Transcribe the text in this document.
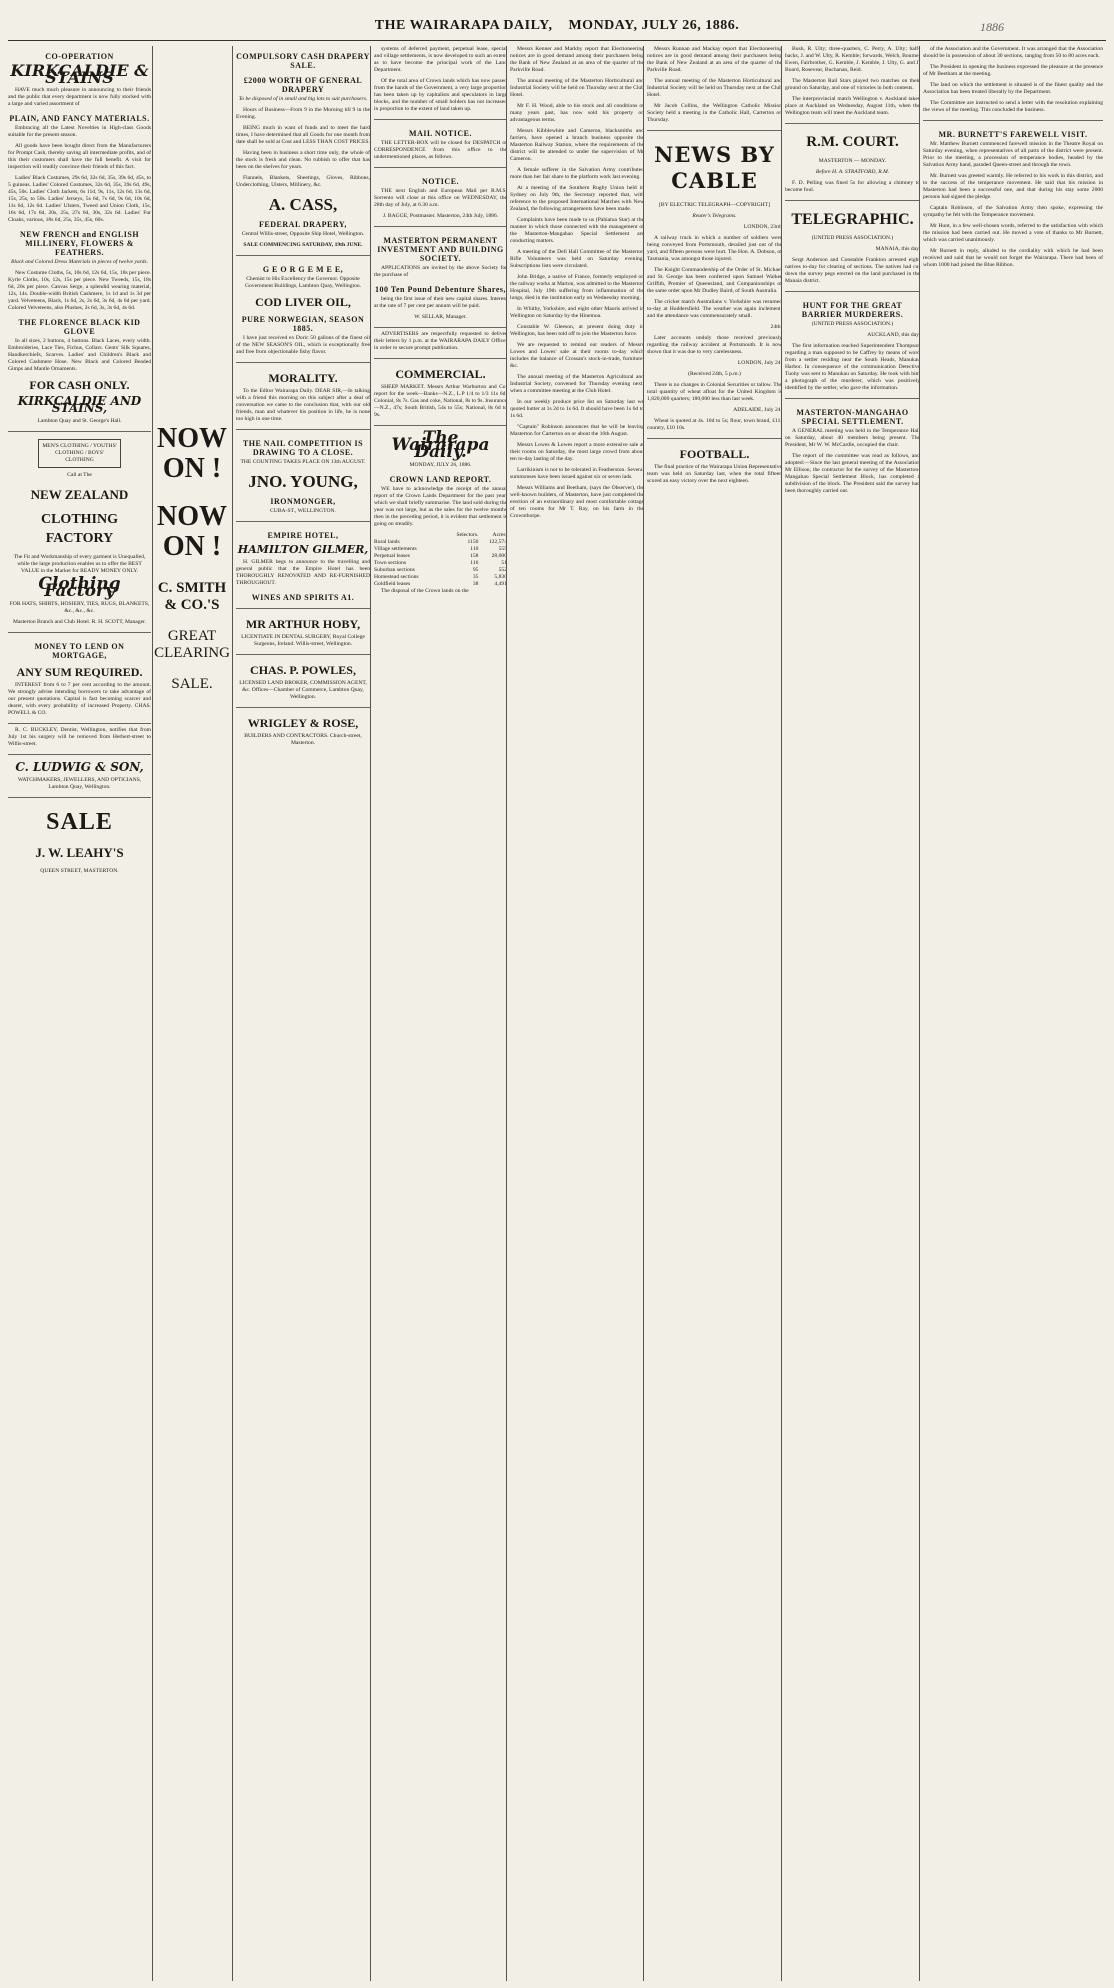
THE WAIRARAPA DAILY, MONDAY, JULY 26, 1886.	1886
CO-OPERATION
KIRKCALDIE & STAINS

HAVE much much pleasure in announcing to their friends and the public that every department is now fully stocked with a large and varied assortment of

PLAIN, AND FANCY MATERIALS.

Embracing all the Latest Novelties in High-class Goods suitable for the present season.

All goods have been bought direct from the Manufacturers for Prompt Cash, thereby saving all intermediate profits, and of this their customers shall have the full benefit. A visit for inspection will readily convince their friends of this fact.

Ladies' Black Costumes, 29s 6d, 32s 6d, 35s, 39s 6d, 45s, to 5 guineas. Ladies' Colored Costumes, 32s 6d, 35s, 39s 6d, 49s, 45s, 50s. Ladies' Cloth Jackets, 6s 11d, 9s, 11s, 12s 6d, 13s 6d, 15s, 25s, to 50s. Ladies' Jerseys, 5s 6d, 7s 6d, 9s 6d, 10s 6d, 11s 6d, 12s 6d. Ladies' Ulsters, Tweed and Union Cloth, 15s, 16s 6d, 17s 6d, 20s, 25s, 27s 6d, 30s, 32s 6d. Ladies' Fur Cloaks, various, 18s 6d, 25s, 35s, 45s, 60s.

NEW FRENCH and ENGLISH MILLINERY, FLOWERS & FEATHERS.

Black and Colored Dress Materials in pieces of twelve yards.

New Costume Cloths, 5s, 10s 6d, 12s 6d, 15s, 18s per piece. Kyrle Cloths, 10s, 12s, 15s per piece. New Tweeds, 15s, 18s 6d, 20s per piece. Canvas Serge, a splendid wearing material, 12s, 14s. Double-width British Cashmere, 1s 1d and 1s 3d per yard. Velveteens, Black, 1s 6d, 2s, 2s 6d, 3s 6d, 4s 6d per yard. Colored Velveteens, also Plushes, 2s 6d, 3s, 3s 6d, 4s 6d.

THE FLORENCE BLACK KID GLOVE

In all sizes, 2 buttons, 4 buttons. Black Laces, every width. Embroideries, Lace Ties, Fichus, Collars. Gents' Silk Squares, Handkerchiefs, Scarves. Ladies' and Children's Black and Colored Cashmere Hose. New Black and Colored Beaded Gimps and Mantle Ornaments.

FOR CASH ONLY.
KIRKCALDIE AND STAINS,

Lambton Quay and St. George's Hall.

MEN'S CLOTHING / YOUTHS' CLOTHING / BOYS' CLOTHING

Call at The

NEW ZEALAND
CLOTHING FACTORY

The Fit and Workmanship of every garment is Unequalled, while the large production enables us to offer the BEST VALUE in the Market for READY MONEY ONLY.

Clothing Factory

FOR HATS, SHIRTS, HOSIERY, TIES, RUGS, BLANKETS, &c., &c., &c.

Masterton Branch and Club Hotel. R. H. SCOTT, Manager.

MONEY TO LEND ON MORTGAGE,
ANY SUM REQUIRED.

INTEREST from 6 to 7 per cent according to the amount. We strongly advise intending borrowers to take advantage of our present quotations. Capital is fast becoming scarcer and dearer, with every probability of increased Property. CHAS. POWELL & CO.

R. C. BUCKLEY, Dentist, Wellington, notifies that from July 1st his surgery will be removed from Herbert-street to Willis-street.

C. LUDWIG & SON,

WATCHMAKERS, JEWELLERS, AND OPTICIANS, Lambton Quay, Wellington.

SALE
J. W. LEAHY'S

QUEEN STREET, MASTERTON.

NOW ON !
NOW ON !
C. SMITH & CO.'S
GREAT CLEARING
SALE.
COMPULSORY CASH DRAPERY SALE.
£2000 WORTH OF GENERAL DRAPERY

To be disposed of in small and big lots to suit purchasers.

Hours of Business—From 9 in the Morning till 9 in the Evening.

BEING much in want of funds and to meet the hard times, I have determined that all Goods for one month from date shall be sold at Cost and LESS THAN COST PRICES.

Having been in business a short time only, the whole of the stock is fresh and clean. No rubbish to offer that has been on the shelves for years.

Flannels, Blankets, Sheetings, Gloves, Ribbons, Underclothing, Ulsters, Millinery, &c.

A. CASS,
FEDERAL DRAPERY,

Central Willis-street, Opposite Ship Hotel, Wellington.

SALE COMMENCING SATURDAY, 19th JUNE.

G E O R G E M E E,

Chemist to His Excellency the Governor. Opposite Government Buildings, Lambton Quay, Wellington.

COD LIVER OIL,
PURE NORWEGIAN, SEASON 1885.

I have just received ex Doric 50 gallons of the finest oil of the NEW SEASON'S OIL, which is exceptionally free and free from objectionable fishy flavor.

MORALITY.

To the Editor Wairarapa Daily. DEAR SIR,—In talking with a friend this morning on this subject after a deal of conversation we came to the conclusion that, with our old friends, man and whatever his position in life, he is none too high in one time.

THE NAIL COMPETITION IS DRAWING TO A CLOSE.

THE COUNTING TAKES PLACE ON 13th AUGUST.

JNO. YOUNG,
IRONMONGER,

CUBA-ST., WELLINGTON.

EMPIRE HOTEL,
HAMILTON GILMER,

H. GILMER begs to announce to the travelling and general public that the Empire Hotel has been THOROUGHLY RENOVATED AND RE-FURNISHED THROUGHOUT.

WINES AND SPIRITS A1.
MR ARTHUR HOBY,

LICENTIATE IN DENTAL SURGERY, Royal College Surgeons, Ireland. Willis-street, Wellington.

CHAS. P. POWLES,

LICENSED LAND BROKER, COMMISSION AGENT, &c. Offices—Chamber of Commerce, Lambton Quay, Wellington.

WRIGLEY & ROSE,

BUILDERS AND CONTRACTORS. Church-street, Masterton.

systems of deferred payment, perpetual lease, special and village settlements, is now developed to such an extent as to have become the principal work of the Land Department.

Of the total area of Crown lands which has now passed from the hands of the Government, a very large proportion has been taken up by capitalists and speculators in large blocks, and the number of small holders has not increased in proportion to the extent of land taken up.

MAIL NOTICE.

THE LETTER-BOX will be closed for DESPATCH of CORRESPONDENCE from this office to the undermentioned places, as follows.

NOTICE.

THE next English and European Mail per R.M.S. Sorrento will close at this office on WEDNESDAY, the 28th day of July, at 6.30 a.m.

J. BAGGE, Postmaster. Masterton, 24th July, 1886.

MASTERTON PERMANENT INVESTMENT AND BUILDING SOCIETY.

APPLICATIONS are invited by the above Society for the purchase of

100 Ten Pound Debenture Shares,

being the first issue of their new capital shares. Interest at the rate of 7 per cent per annum will be paid.

W. SELLAR, Manager.

ADVERTISERS are respectfully requested to deliver their letters by 1 p.m. at the WAIRARAPA DAILY Office, in order to secure prompt publication.

COMMERCIAL.

SHEEP MARKET. Messrs Arthur Warburton and Co. report for the week—Banks—N.Z., L.P 1/4 to 1/3 11s 6d; Colonial, 8s 7s. Gas and coke, National, 8s to 9s. Insurance—N.Z., 47s; South British, 54s to 55s; National, 8s 6d to 9s.

The Wairarapa Daily.

MONDAY, JULY 26, 1886.

CROWN LAND REPORT.

WE have to acknowledge the receipt of the annual report of the Crown Lands Department for the past year, which we shall briefly summarise. The land sold during the year was not large, but as the sales for the twelve months then in the preceding period, it is evident that settlement is going on steadily.

	Selectors.	Acres.
Rural lands	1150	122,574
Village settlements	110	555
Perpetual leases	158	28,000
Town sections	116	51
Suburban sections	95	552
Homestead sections	35	5,830
Goldfield leases	38	4,491

The disposal of the Crown lands on the

Messrs Kenner and Markby report that Electioneering notices are in good demand among their purchasers being the Bank of New Zealand at an area of the quarter of the Parkville Road.

The annual meeting of the Masterton Horticultural and Industrial Society will be held on Thursday next at the Club Hotel.

Mr F. H. Wood, able to his stock and all conditions of many years past, has now sold his property on advantageous terms.

Messrs Kibblewhite and Cameron, blacksmiths and farriers, have opened a branch business opposite the Masterton Railway Station, where the requirements of the district will be attended to under the supervision of Mr Cameron.

A female sufferer in the Salvation Army contributed more than her fair share to the platform work last evening.

At a meeting of the Southern Rugby Union held in Sydney on July 9th, the Secretary reported that, with reference to the proposed International Matches with New Zealand, the following arrangements have been made.

Complaints have been made to us (Pahiatua Star) at the manner in which those connected with the management of the Masterton-Mangahao Special Settlement are conducting matters.

A meeting of the Dell Hall Committee of the Masterton Rifle Volunteers was held on Saturday evening. Subscriptions lists were circulated.

John Bridge, a native of France, formerly employed on the railway works at Marton, was admitted to the Masterton Hospital, July 19th suffering from inflammation of the lungs, died in the institution early on Wednesday morning.

In Whitby, Yorkshire, and eight other Maoris arrived in Wellington on Saturday by the Hinemoa.

Constable W. Gleeson, at present doing duty in Wellington, has been told off to join the Masterton force.

We are requested to remind our readers of Messrs Lowes and Lowes' sale at their rooms to-day which includes the balance of Crossan's stock-in-trade, furniture, &c.

The annual meeting of the Masterton Agricultural and Industrial Society, convened for Thursday evening next, when a committee meeting at the Club Hotel.

In our weekly produce price list on Saturday last we quoted butter at 1s 2d to 1s 6d. It should have been 1s 6d to 1s 6d.

"Captain" Robinson announces that he will be leaving Masterton for Carterton on or about the 16th August.

Messrs Lowes & Lowes report a more extensive sale at their rooms on Saturday, the most large crowd from about ten to-day lasting of the day.

Larrikinism is not to be tolerated in Featherston. Several summonses have been issued against six or seven lads.

Messrs Williams and Beetham, (says the Observer), the well-known builders, of Masterton, have just completed the erection of an extraordinary and most comfortable cottage of ten rooms for Mr T. Ray, on his farm in the Crownthorpe.

Messrs Runnan and Mackay report that Electioneering notices are in good demand among their purchasers being the Bank of New Zealand at an area of the quarter of the Parkville Road.

The annual meeting of the Masterton Horticultural and Industrial Society will be held on Thursday next at the Club Hotel.

Mr Jacob Collins, the Wellington Catholic Mission Society held a meeting in the Catholic Hall, Carterton on Thursday.

NEWS BY CABLE

[BY ELECTRIC TELEGRAPH—COPYRIGHT]

Reuter's Telegrams.

LONDON, 23rd.

A railway truck in which a number of soldiers were being conveyed from Portsmouth, derailed just out of the yard, and fifteen persons were hurt. The Hon. A. Dobson, of Tasmania, was amongst those injured.

The Knight Commandership of the Order of St. Michael and St. George has been conferred upon Samuel Walker Griffith, Premier of Queensland, and Companionships of the same order upon Mr Dudley Baird, of South Australia.

The cricket match Australians v. Yorkshire was resumed to-day at Huddersfield. The weather was again inclement, and the attendance was commensurately small.

24th.

Later accounts unduly those received previously regarding the railway accident at Portsmouth. It is now shown that it was due to very carelessness.

LONDON, July 24.

(Received 24th, 5 p.m.)

There is no changes in Colonial Securities or tallow. The total quantity of wheat afloat for the United Kingdom is 1,820,000 quarters; 180,000 less than last week.

ADELAIDE, July 24.

Wheat is quoted at 4s. 10d to 5s; flour, town brand, £11; country, £10 10s.

FOOTBALL.

The final practice of the Wairarapa Union Representative team was held on Saturday last, when the total fifteen scored an easy victory over the next eighteen.

Bush, R. Ulty; three-quarters, C. Perry, A. Ulty; half-backs, J. and W. Ulty, R. Kemble; forwards, Welch, Bourne, Ewen, Fairbrother, G. Kemble, J. Kemble, J. Ulty, G. and J. Board, Rosevear, Buchanan, Reid.

The Masterton Rail Stars played two matches on their ground on Saturday, and one of victories in both contests.

The interprovincial match Wellington v. Auckland takes place at Auckland on Wednesday, August 11th, when the Wellington team will meet the Auckland team.

R.M. COURT.

MASTERTON — MONDAY.

Before H. A. STRATFORD, R.M.

F. D. Pelling was fined 5s for allowing a chimney to become foul.

TELEGRAPHIC.

(UNITED PRESS ASSOCIATION.)

MANAIA, this day.

Sergt Anderson and Constable Frankton arrested eight natives to-day for clearing of sections. The natives had cut down the survey pegs erected on the land purchased in the Manaia district.

HUNT FOR THE GREAT BARRIER MURDERERS.

(UNITED PRESS ASSOCIATION.)

AUCKLAND, this day.

The first information reached Superintendent Thompson regarding a man supposed to be Caffrey by means of word from a settler residing near the South Heads, Manukau Harbor. In consequence of the communication Detective Tuohy was sent to Manukau on Saturday. He took with him a photograph of the murderer, which was positively identified by the settler, who gave the information.

MASTERTON-MANGAHAO SPECIAL SETTLEMENT.

A GENERAL meeting was held in the Temperance Hall on Saturday, about 40 members being present. The President, Mr W. W. McCardle, occupied the chair.

The report of the committee was read as follows, and adopted:—Since the last general meeting of the Association Mr Ellison, the contractor for the survey of the Masterton-Mangahao Special Settlement Block, has completed a subdivision of the block. The President said the survey had been thoroughly carried out.

of the Association and the Government. It was arranged that the Association should be in possession of about 30 sections, ranging from 50 to 80 acres each.

The President in opening the business expressed the pleasure at the presence of Mr Beetham at the meeting.

The land on which the settlement is situated is of the finest quality and the Association has been treated liberally by the Department.

The Committee are instructed to send a letter with the resolution explaining the views of the meeting. This concluded the business.

MR. BURNETT'S FAREWELL VISIT.

Mr. Matthew Burnett commenced farewell mission in the Theatre Royal on Saturday evening, when representatives of all parts of the district were present. Prior to the meeting, a procession of temperance bodies, headed by the Salvation Army band, paraded Queen-street and through the town.

Mr. Burnett was greeted warmly. He referred to his work in this district, and to the success of the temperance movement. He said that his mission in Masterton had been a successful one, and that during his stay some 2000 persons had signed the pledge.

Captain Robinson, of the Salvation Army then spoke, expressing the sympathy he felt with the Temperance movement.

Mr Hunt, in a few well-chosen words, referred to the satisfaction with which the mission had been carried out. He moved a vote of thanks to Mr Burnett, which was carried unanimously.

Mr Burnett in reply, alluded to the cordiality with which he had been received and said that he would not forget the Wairarapa. There had been of whom 1000 had joined the Blue Ribbon.
